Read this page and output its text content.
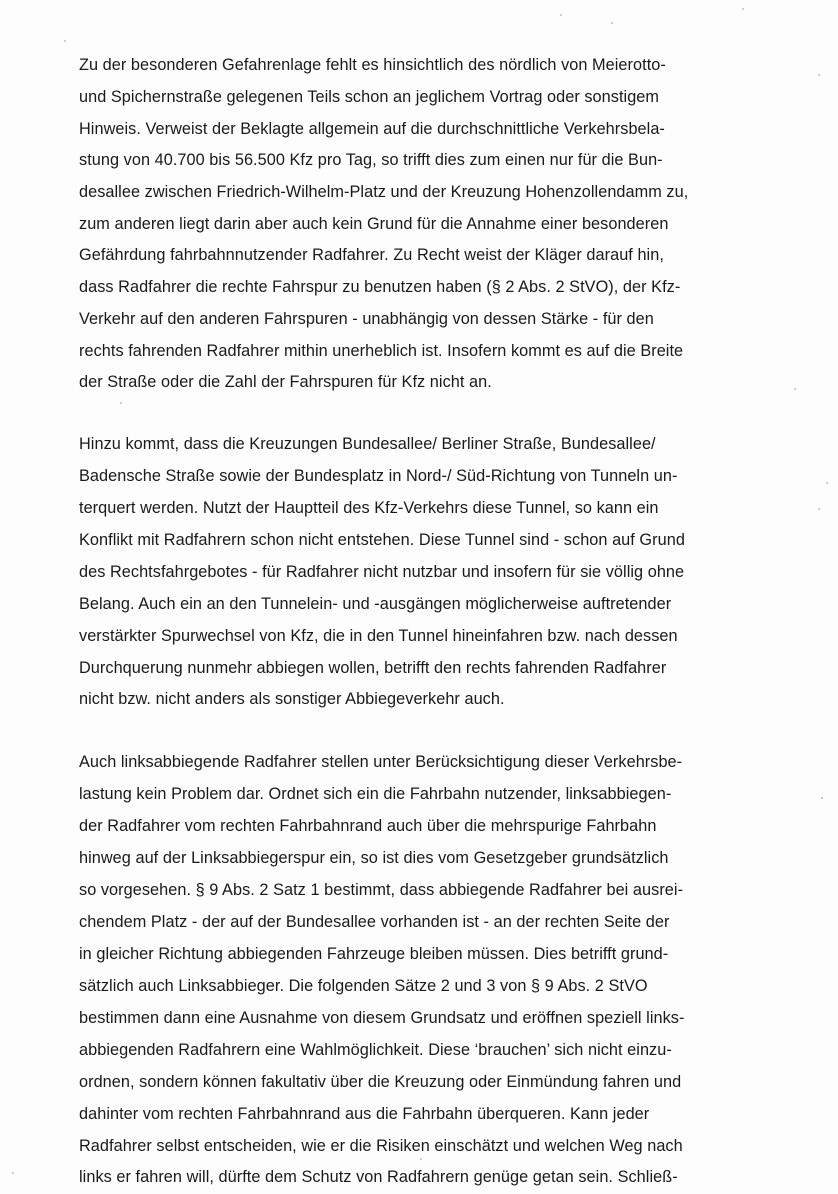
Zu der besonderen Gefahrenlage fehlt es hinsichtlich des nördlich von Meierotto-
und Spichernstraße gelegenen Teils schon an jeglichem Vortrag oder sonstigem
Hinweis. Verweist der Beklagte allgemein auf die durchschnittliche Verkehrsbela-
stung von 40.700 bis 56.500 Kfz pro Tag, so trifft dies zum einen nur für die Bun-
desallee zwischen Friedrich-Wilhelm-Platz und der Kreuzung Hohenzollendamm zu,
zum anderen liegt darin aber auch kein Grund für die Annahme einer besonderen
Gefährdung fahrbahnnutzender Radfahrer. Zu Recht weist der Kläger darauf hin,
dass Radfahrer die rechte Fahrspur zu benutzen haben (§ 2 Abs. 2 StVO), der Kfz-
Verkehr auf den anderen Fahrspuren - unabhängig von dessen Stärke - für den
rechts fahrenden Radfahrer mithin unerheblich ist. Insofern kommt es auf die Breite
der Straße oder die Zahl der Fahrspuren für Kfz nicht an.
Hinzu kommt, dass die Kreuzungen Bundesallee/ Berliner Straße, Bundesallee/
Badensche Straße sowie der Bundesplatz in Nord-/ Süd-Richtung von Tunneln un-
terquert werden. Nutzt der Hauptteil des Kfz-Verkehrs diese Tunnel, so kann ein
Konflikt mit Radfahrern schon nicht entstehen. Diese Tunnel sind - schon auf Grund
des Rechtsfahrgebotes - für Radfahrer nicht nutzbar und insofern für sie völlig ohne
Belang. Auch ein an den Tunnelein- und -ausgängen möglicherweise auftretender
verstärkter Spurwechsel von Kfz, die in den Tunnel hineinfahren bzw. nach dessen
Durchquerung nunmehr abbiegen wollen, betrifft den rechts fahrenden Radfahrer
nicht bzw. nicht anders als sonstiger Abbiegeverkehr auch.
Auch linksabbiegende Radfahrer stellen unter Berücksichtigung dieser Verkehrsbe-
lastung kein Problem dar. Ordnet sich ein die Fahrbahn nutzender, linksabbiegen-
der Radfahrer vom rechten Fahrbahnrand auch über die mehrspurige Fahrbahn
hinweg auf der Linksabbiegerspur ein, so ist dies vom Gesetzgeber grundsätzlich
so vorgesehen. § 9 Abs. 2 Satz 1 bestimmt, dass abbiegende Radfahrer bei ausrei-
chendem Platz - der auf der Bundesallee vorhanden ist - an der rechten Seite der
in gleicher Richtung abbiegenden Fahrzeuge bleiben müssen. Dies betrifft grund-
sätzlich auch Linksabbieger. Die folgenden Sätze 2 und 3 von § 9 Abs. 2 StVO
bestimmen dann eine Ausnahme von diesem Grundsatz und eröffnen speziell links-
abbiegenden Radfahrern eine Wahlmöglichkeit. Diese ‘brauchen’ sich nicht einzu-
ordnen, sondern können fakultativ über die Kreuzung oder Einmündung fahren und
dahinter vom rechten Fahrbahnrand aus die Fahrbahn überqueren. Kann jeder
Radfahrer selbst entscheiden, wie er die Risiken einschätzt und welchen Weg nach
links er fahren will, dürfte dem Schutz von Radfahrern genüge getan sein. Schließ-
